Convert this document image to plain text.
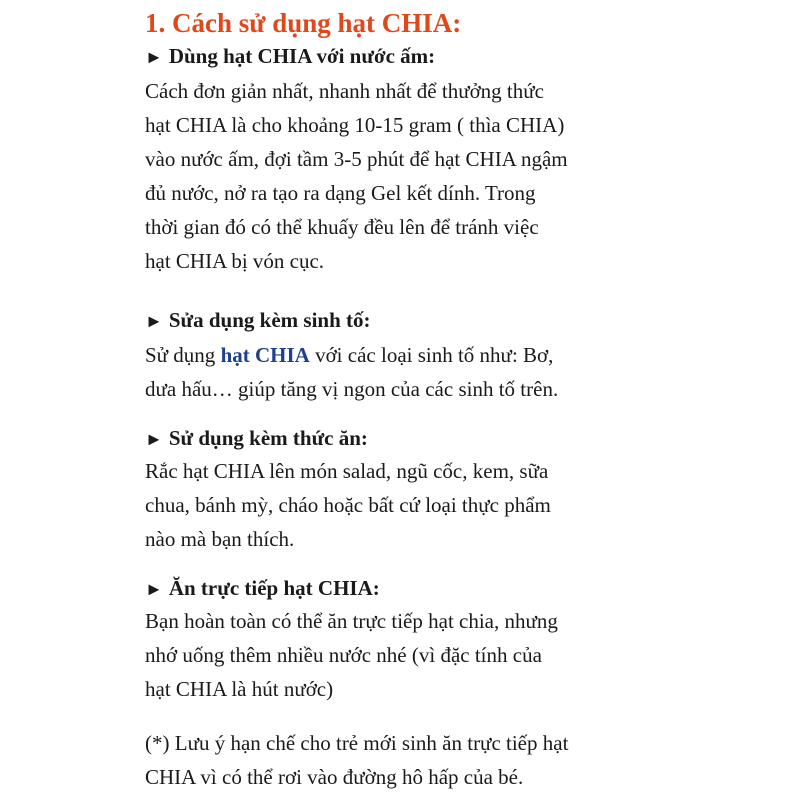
1. Cách sử dụng hạt CHIA:
► Dùng hạt CHIA với nước ấm:
Cách đơn giản nhất, nhanh nhất để thưởng thức
hạt CHIA là cho khoảng 10-15 gram ( thìa CHIA)
vào nước ấm, đợi tầm 3-5 phút để hạt CHIA ngậm
đủ nước, nở ra tạo ra dạng Gel kết dính. Trong
thời gian đó có thể khuấy đều lên để tránh việc
hạt CHIA bị vón cục.
► Sửa dụng kèm sinh tố:
Sử dụng hạt CHIA với các loại sinh tố như: Bơ,
dưa hấu… giúp tăng vị ngon của các sinh tố trên.
► Sử dụng kèm thức ăn:
Rắc hạt CHIA lên món salad, ngũ cốc, kem, sữa
chua, bánh mỳ, cháo hoặc bất cứ loại thực phẩm
nào mà bạn thích.
► Ăn trực tiếp hạt CHIA:
Bạn hoàn toàn có thể ăn trực tiếp hạt chia, nhưng
nhớ uống thêm nhiều nước nhé (vì đặc tính của
hạt CHIA là hút nước)
(*) Lưu ý hạn chế cho trẻ mới sinh ăn trực tiếp hạt
CHIA vì có thể rơi vào đường hô hấp của bé.
